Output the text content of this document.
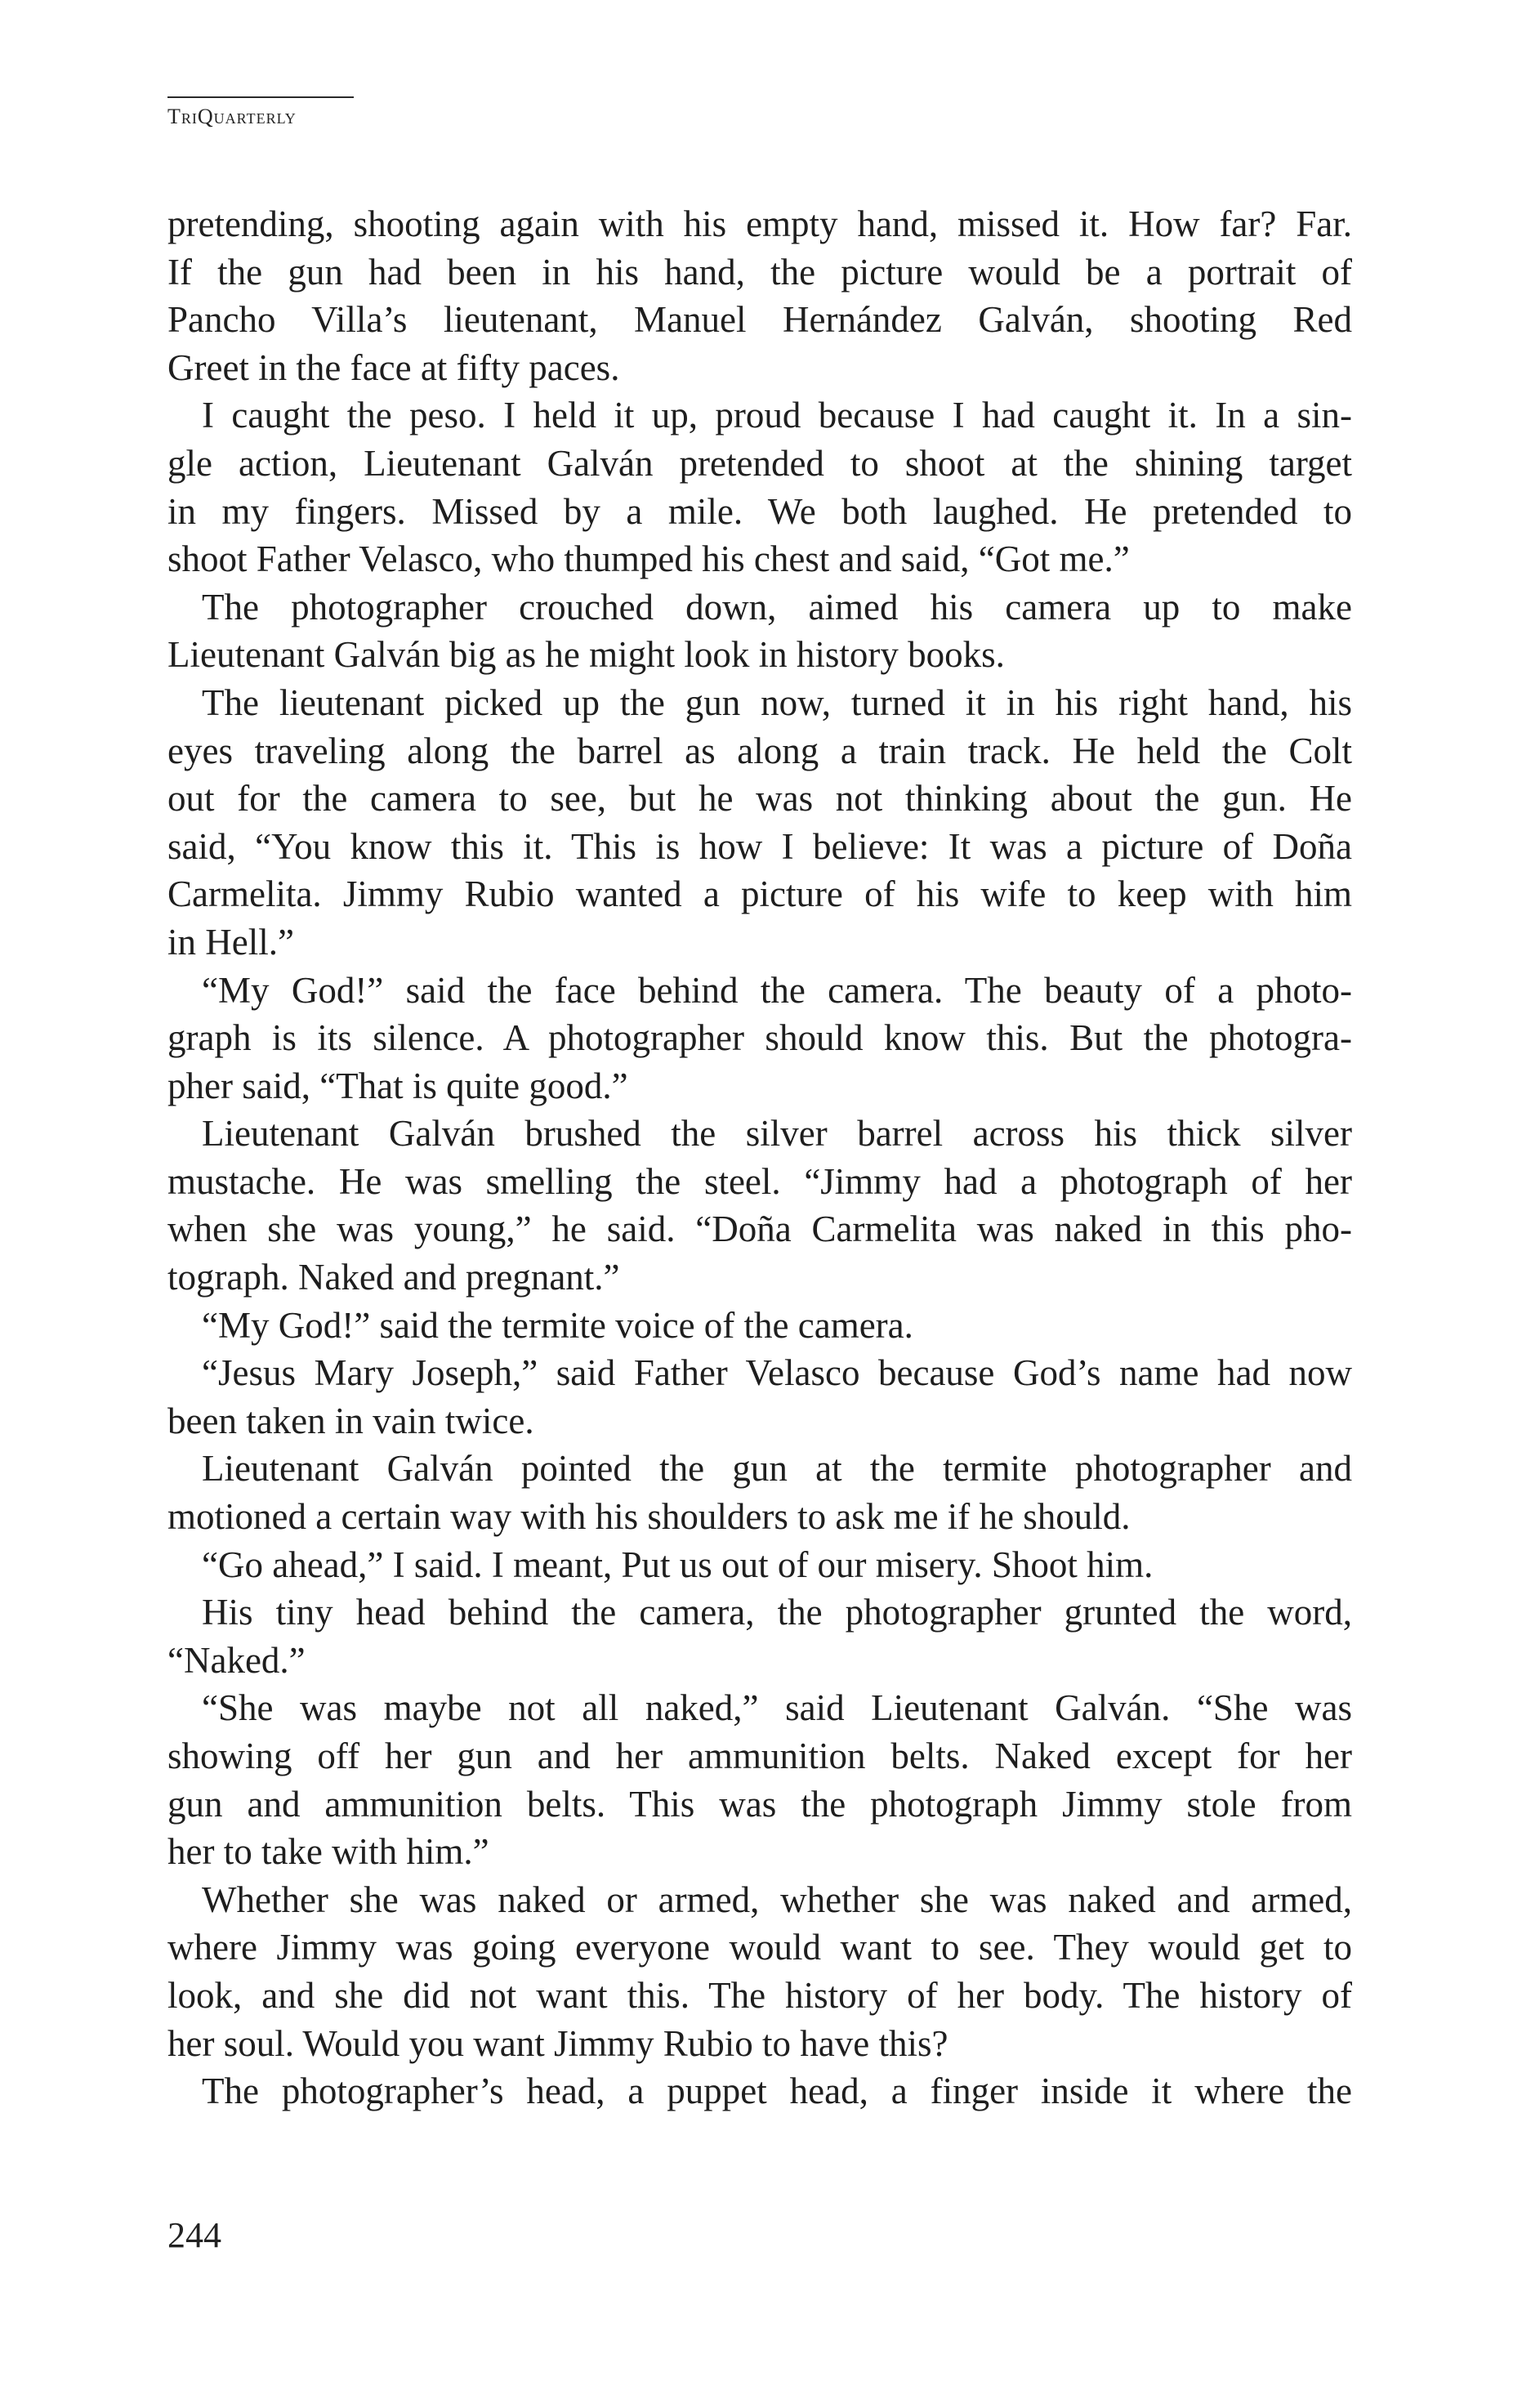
TriQuarterly
pretending, shooting again with his empty hand, missed it. How far? Far.
If the gun had been in his hand, the picture would be a portrait of
Pancho Villa’s lieutenant, Manuel Hernández Galván, shooting Red
Greet in the face at fifty paces.
I caught the peso. I held it up, proud because I had caught it. In a sin-
gle action, Lieutenant Galván pretended to shoot at the shining target
in my fingers. Missed by a mile. We both laughed. He pretended to
shoot Father Velasco, who thumped his chest and said, “Got me.”
The photographer crouched down, aimed his camera up to make
Lieutenant Galván big as he might look in history books.
The lieutenant picked up the gun now, turned it in his right hand, his
eyes traveling along the barrel as along a train track. He held the Colt
out for the camera to see, but he was not thinking about the gun. He
said, “You know this it. This is how I believe: It was a picture of Doña
Carmelita. Jimmy Rubio wanted a picture of his wife to keep with him
in Hell.”
“My God!” said the face behind the camera. The beauty of a photo-
graph is its silence. A photographer should know this. But the photogra-
pher said, “That is quite good.”
Lieutenant Galván brushed the silver barrel across his thick silver
mustache. He was smelling the steel. “Jimmy had a photograph of her
when she was young,” he said. “Doña Carmelita was naked in this pho-
tograph. Naked and pregnant.”
“My God!” said the termite voice of the camera.
“Jesus Mary Joseph,” said Father Velasco because God’s name had now
been taken in vain twice.
Lieutenant Galván pointed the gun at the termite photographer and
motioned a certain way with his shoulders to ask me if he should.
“Go ahead,” I said. I meant, Put us out of our misery. Shoot him.
His tiny head behind the camera, the photographer grunted the word,
“Naked.”
“She was maybe not all naked,” said Lieutenant Galván. “She was
showing off her gun and her ammunition belts. Naked except for her
gun and ammunition belts. This was the photograph Jimmy stole from
her to take with him.”
Whether she was naked or armed, whether she was naked and armed,
where Jimmy was going everyone would want to see. They would get to
look, and she did not want this. The history of her body. The history of
her soul. Would you want Jimmy Rubio to have this?
The photographer’s head, a puppet head, a finger inside it where the
244
